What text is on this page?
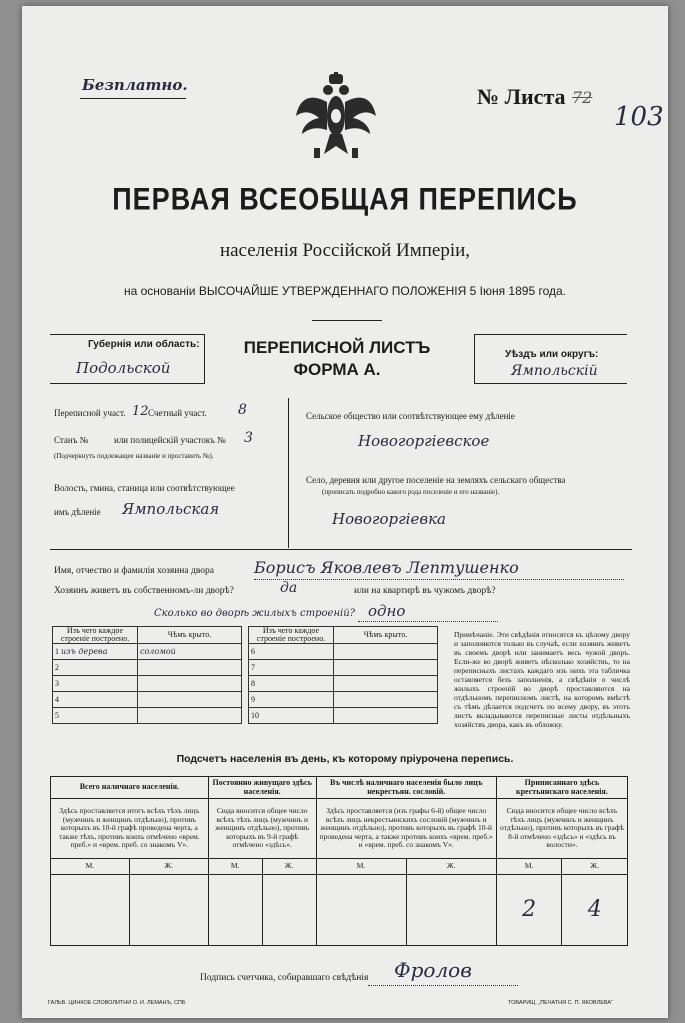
Безплатно.	№ Листа 72
103
ПЕРВАЯ ВСЕОБЩАЯ ПЕРЕПИСЬ
населенія Россійской Имперіи,
на основаніи ВЫСОЧАЙШЕ УТВЕРЖДЕННАГО ПОЛОЖЕНІЯ 5 Іюня 1895 года.
Губернія или область:
Подольской
ПЕРЕПИСНОЙ ЛИСТЪ
ФОРМА А.
Уѣздъ или округъ:
Ямпольскій
Переписной участ. 12 Счетный участ. 8
Станъ №	или полицейскій участокъ № 3
(Подчеркнуть подлежащее названіе и проставить №).
Волость, гмина, станица или соотвѣтствующее
имъ дѣленіе Ямпольская
Сельское общество или соотвѣтствующее ему дѣленіе
Новогоргіевское
Село, деревня или другое поселеніе на земляхъ сельскаго общества
(прописать подробно какого рода поселеніе и его названіе).
Новогоргіевка
Имя, отчество и фамилія хозяина двора	Борисъ Яковлевъ Лептушенко
Хозяинъ живетъ въ собственномъ-ли дворѣ?	да	или на квартирѣ въ чужомъ дворѣ?
Сколько во дворѣ жилыхъ строеній? одно
Изъ чего каждое строеніе построено.	Чѣмъ крыто.
1 изъ дерева	соломой
2	
3	
4	
5	
Изъ чего каждое строеніе построено.	Чѣмъ крыто.
6	
7	
8	
9	
10	
Примѣчаніе. Эти свѣдѣнія относятся къ цѣлому двору и заполняются только въ случаѣ, если хозяинъ живетъ въ своемъ дворѣ или занимаетъ весь чужой дворъ. Если-же во дворѣ живетъ нѣсколько хозяйствъ, то на переписныхъ листахъ каждаго изъ нихъ эта табличка оставляется безъ заполненія, а свѣдѣнія о числѣ жилыхъ строеній во дворѣ проставляются на отдѣльномъ переписномъ листѣ, на которомъ вмѣстѣ съ тѣмъ дѣлается подсчетъ по всему двору, въ этотъ листъ вкладываются переписные листы отдѣльныхъ хозяйствъ двора, какъ въ обложку.
Подсчетъ населенія въ день, къ которому пріурочена перепись.
Всего наличнаго населенія.		Постоянно живущаго здѣсь населенія.		Въ числѣ наличнаго населенія было лицъ некрестьян. сословій.		Приписаннаго здѣсь крестьянскаго населенія.	
Здѣсь проставляется итогъ всѣхъ тѣхъ лицъ (мужчинъ и женщинъ отдѣльно), противъ которыхъ въ 10-й графѣ проведена черта, а также тѣхъ, противъ коихъ отмѣчено «врем. преб.» и «врем. преб. со знакомъ V».		Сюда вносится общее число всѣхъ тѣхъ лицъ (мужчинъ и женщинъ отдѣльно), противъ которыхъ въ 9-й графѣ отмѣчено «здѣсь».		Здѣсь проставляется (изъ графы 6-й) общее число всѣхъ лицъ некрестьянскихъ сословій (мужчинъ и женщинъ отдѣльно), противъ которыхъ въ графѣ 10-й проведена черта, а также противъ коихъ «врем. преб.» и «врем. преб. со знакомъ V».		Сюда вносится общее число всѣхъ тѣхъ лицъ (мужчинъ и женщинъ отдѣльно), противъ которыхъ въ графѣ 8-й отмѣчено «здѣсь» и «здѣсь въ волости».	
М.	Ж.	М.	Ж.	М.	Ж.	М.	Ж.
						2	4
Подпись счетчика, собиравшаго свѣдѣнія Фролов
ГАЛЬВ. ЦИНКОЕ СЛОВОЛИТНИ О. И. ЛЕМАНЪ, СПБ	ТОВАРИЩ. „ПЕЧАТНЯ С. П. ЯКОВЛЕВА“
